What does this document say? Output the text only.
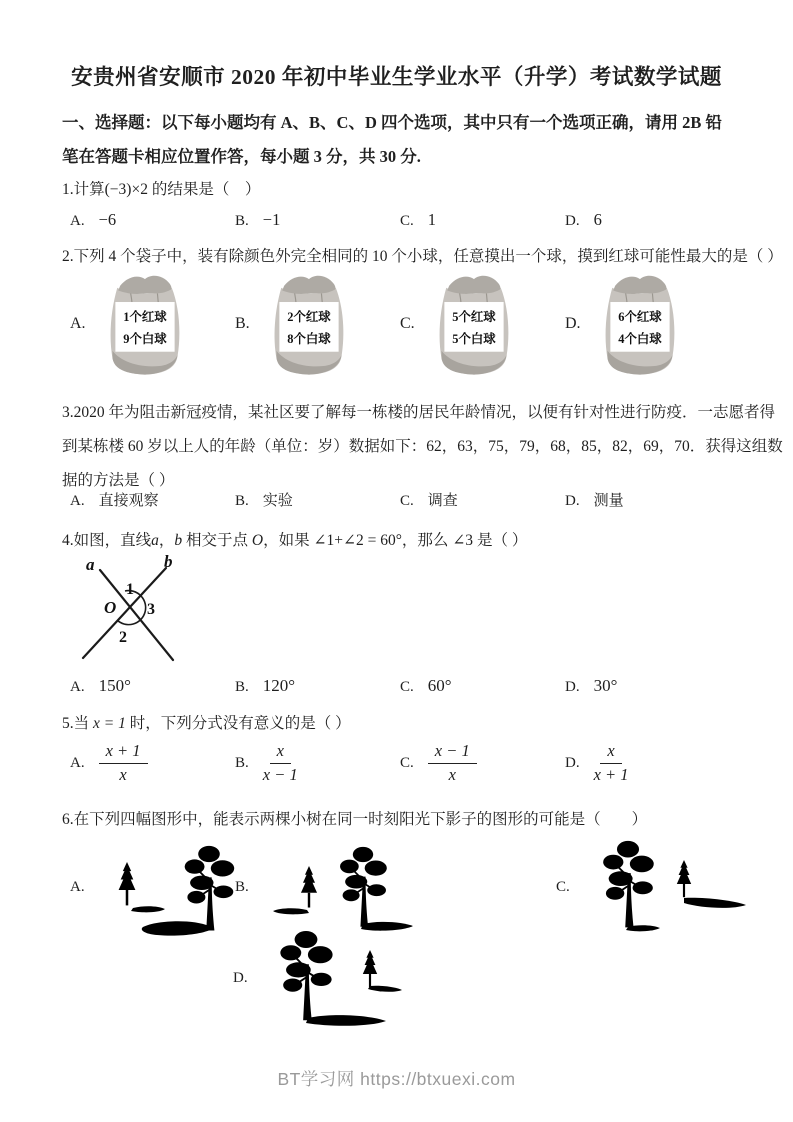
安贵州省安顺市 2020 年初中毕业生学业水平（升学）考试数学试题
一、选择题：以下每小题均有 A、B、C、D 四个选项，其中只有一个选项正确，请用 2B 铅
笔在答题卡相应位置作答，每小题 3 分，共 30 分.
1.计算(−3)×2 的结果是（　）
A. −6	B. −1	C. 1	D. 6
2.下列 4 个袋子中，装有除颜色外完全相同的 10 个小球，任意摸出一个球，摸到红球可能性最大的是（ ）
A.	1个红球
9个白球
B.	2个红球
8个白球
C.	5个红球
5个白球
D.	6个红球
4个白球
3.2020 年为阻击新冠疫情，某社区要了解每一栋楼的居民年龄情况，以便有针对性进行防疫．一志愿者得
到某栋楼 60 岁以上人的年龄（单位：岁）数据如下：62，63，75，79，68，85，82，69，70．获得这组数
据的方法是（ ）
A. 直接观察	B. 实验	C. 调查	D. 测量
4.如图，直线a，b 相交于点 O，如果 ∠1+∠2 = 60°，那么 ∠3 是（ ）
a	b
O
1
2
3
A. 150°	B. 120°	C. 60°	D. 30°
5.当 x = 1 时，下列分式没有意义的是（ ）
A. $\frac{x + 1}{x}$	B. $\frac{x}{x - 1}$	C. $\frac{x - 1}{x}$	D. $\frac{x}{x + 1}$
6.在下列四幅图形中，能表示两棵小树在同一时刻阳光下影子的图形的可能是（　　）
A.	B.	C.
D.
BT学习网 https://btxuexi.com
